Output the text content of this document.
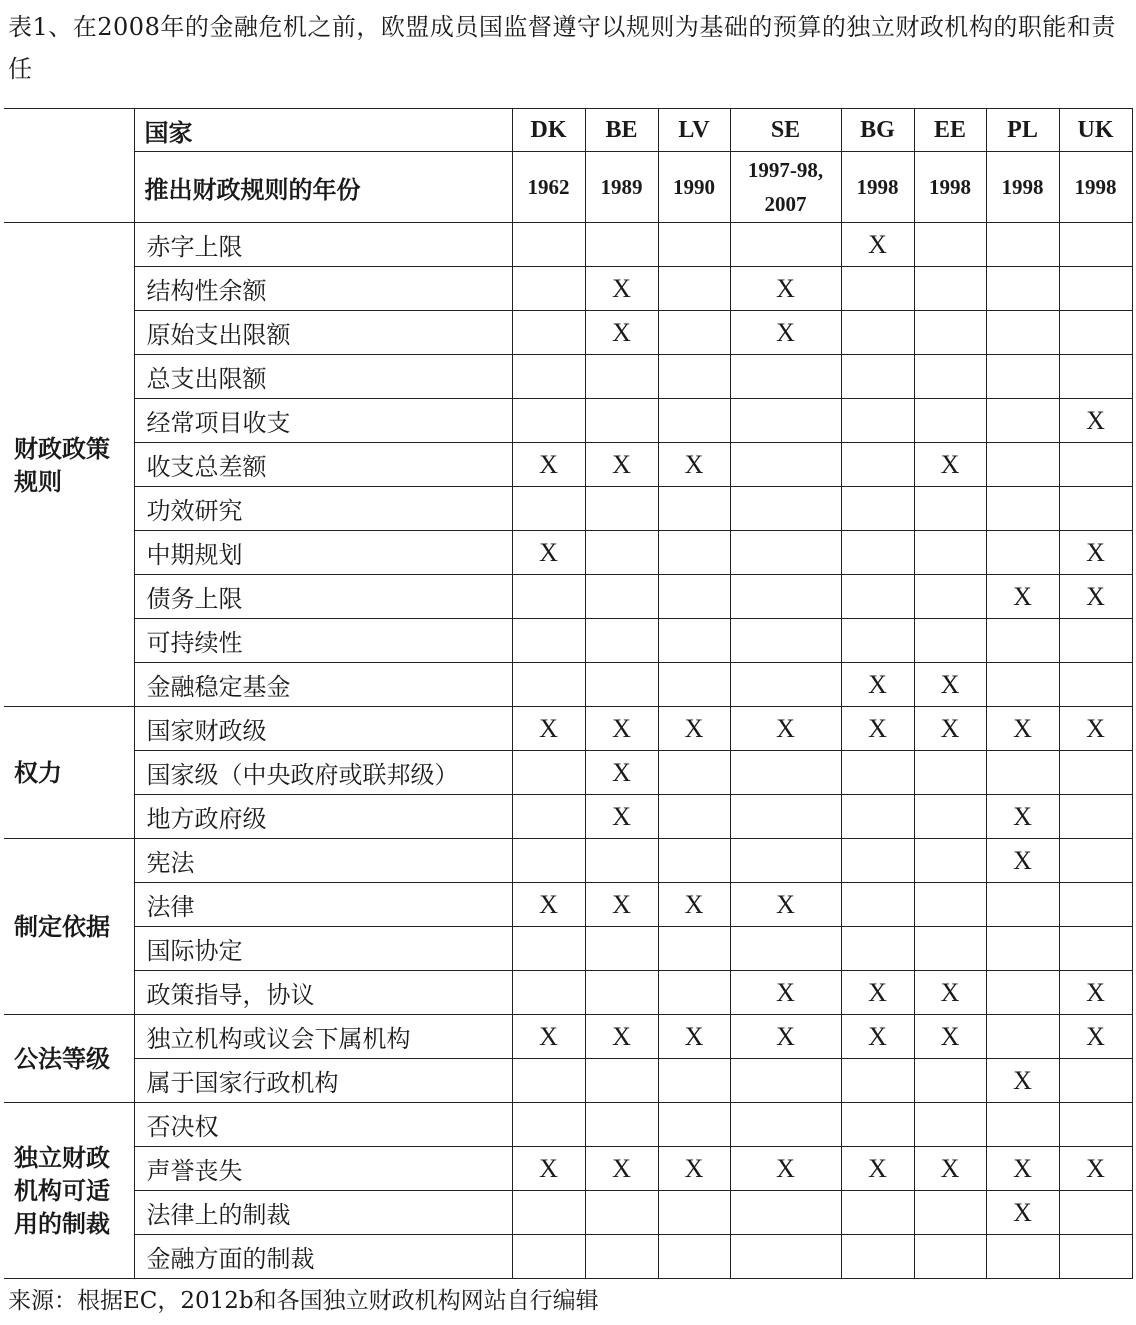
表1、在2008年的金融危机之前，欧盟成员国监督遵守以规则为基础的预算的独立财政机构的职能和责任
	国家	DK	BE	LV	SE	BG	EE	PL	UK
	推出财政规则的年份	1962	1989	1990	1997-98, 2007	1998	1998	1998	1998

财政政策规则	赤字上限					X			
	结构性余额		X		X				
	原始支出限额		X		X				
	总支出限额								
	经常项目收支								X
	收支总差额	X	X	X			X		
	功效研究								
	中期规划	X							X
	债务上限							X	X
	可持续性								
	金融稳定基金					X	X		

权力	国家财政级	X	X	X	X	X	X	X	X
	国家级（中央政府或联邦级）		X						
	地方政府级		X					X	

制定依据	宪法							X	
	法律	X	X	X	X				
	国际协定								
	政策指导，协议				X	X	X		X

公法等级	独立机构或议会下属机构	X	X	X	X	X	X		X
	属于国家行政机构							X	

独立财政机构可适用的制裁	否决权								
	声誉丧失	X	X	X	X	X	X	X	X
	法律上的制裁							X	
	金融方面的制裁								
来源：根据EC，2012b和各国独立财政机构网站自行编辑
